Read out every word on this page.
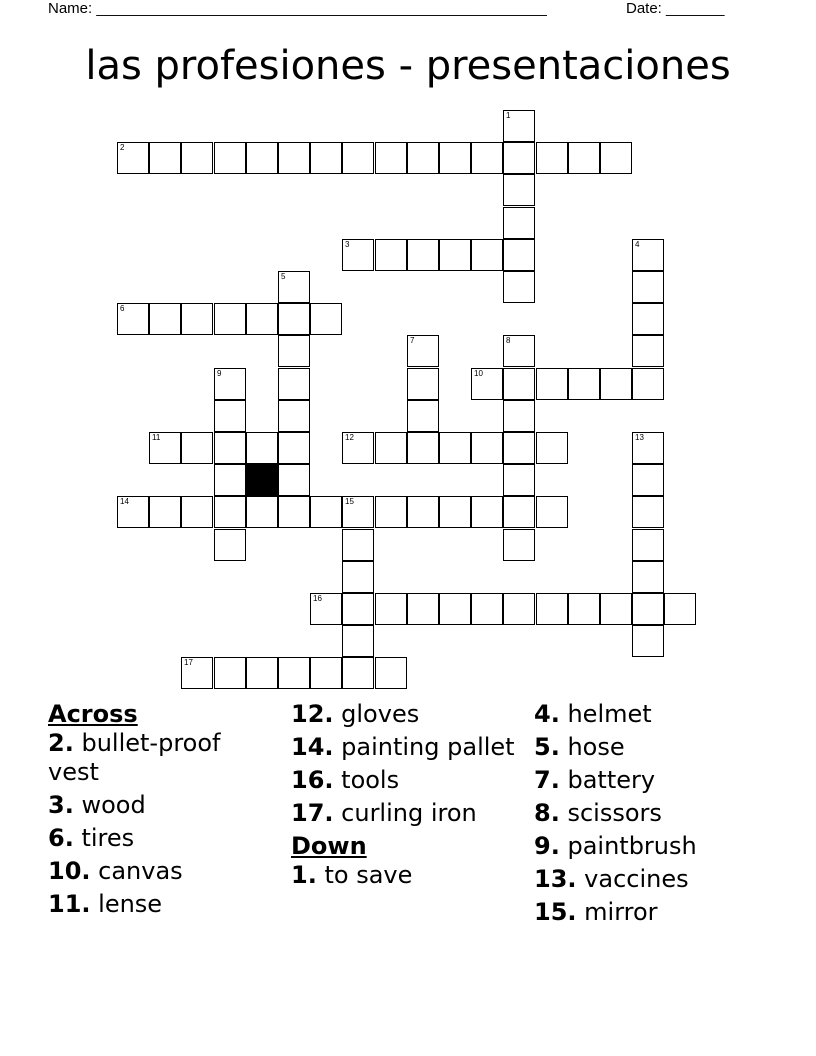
Name: ______________________________________________________	Date: _______
las profesiones - presentaciones
1
2
3	4
5
6
7	8
9	10
11	12	13
14	15
16
17
Across
2. bullet-proof vest
3. wood
6. tires
10. canvas
11. lense
12. gloves
14. painting pallet
16. tools
17. curling iron
Down
1. to save
4. helmet
5. hose
7. battery
8. scissors
9. paintbrush
13. vaccines
15. mirror
